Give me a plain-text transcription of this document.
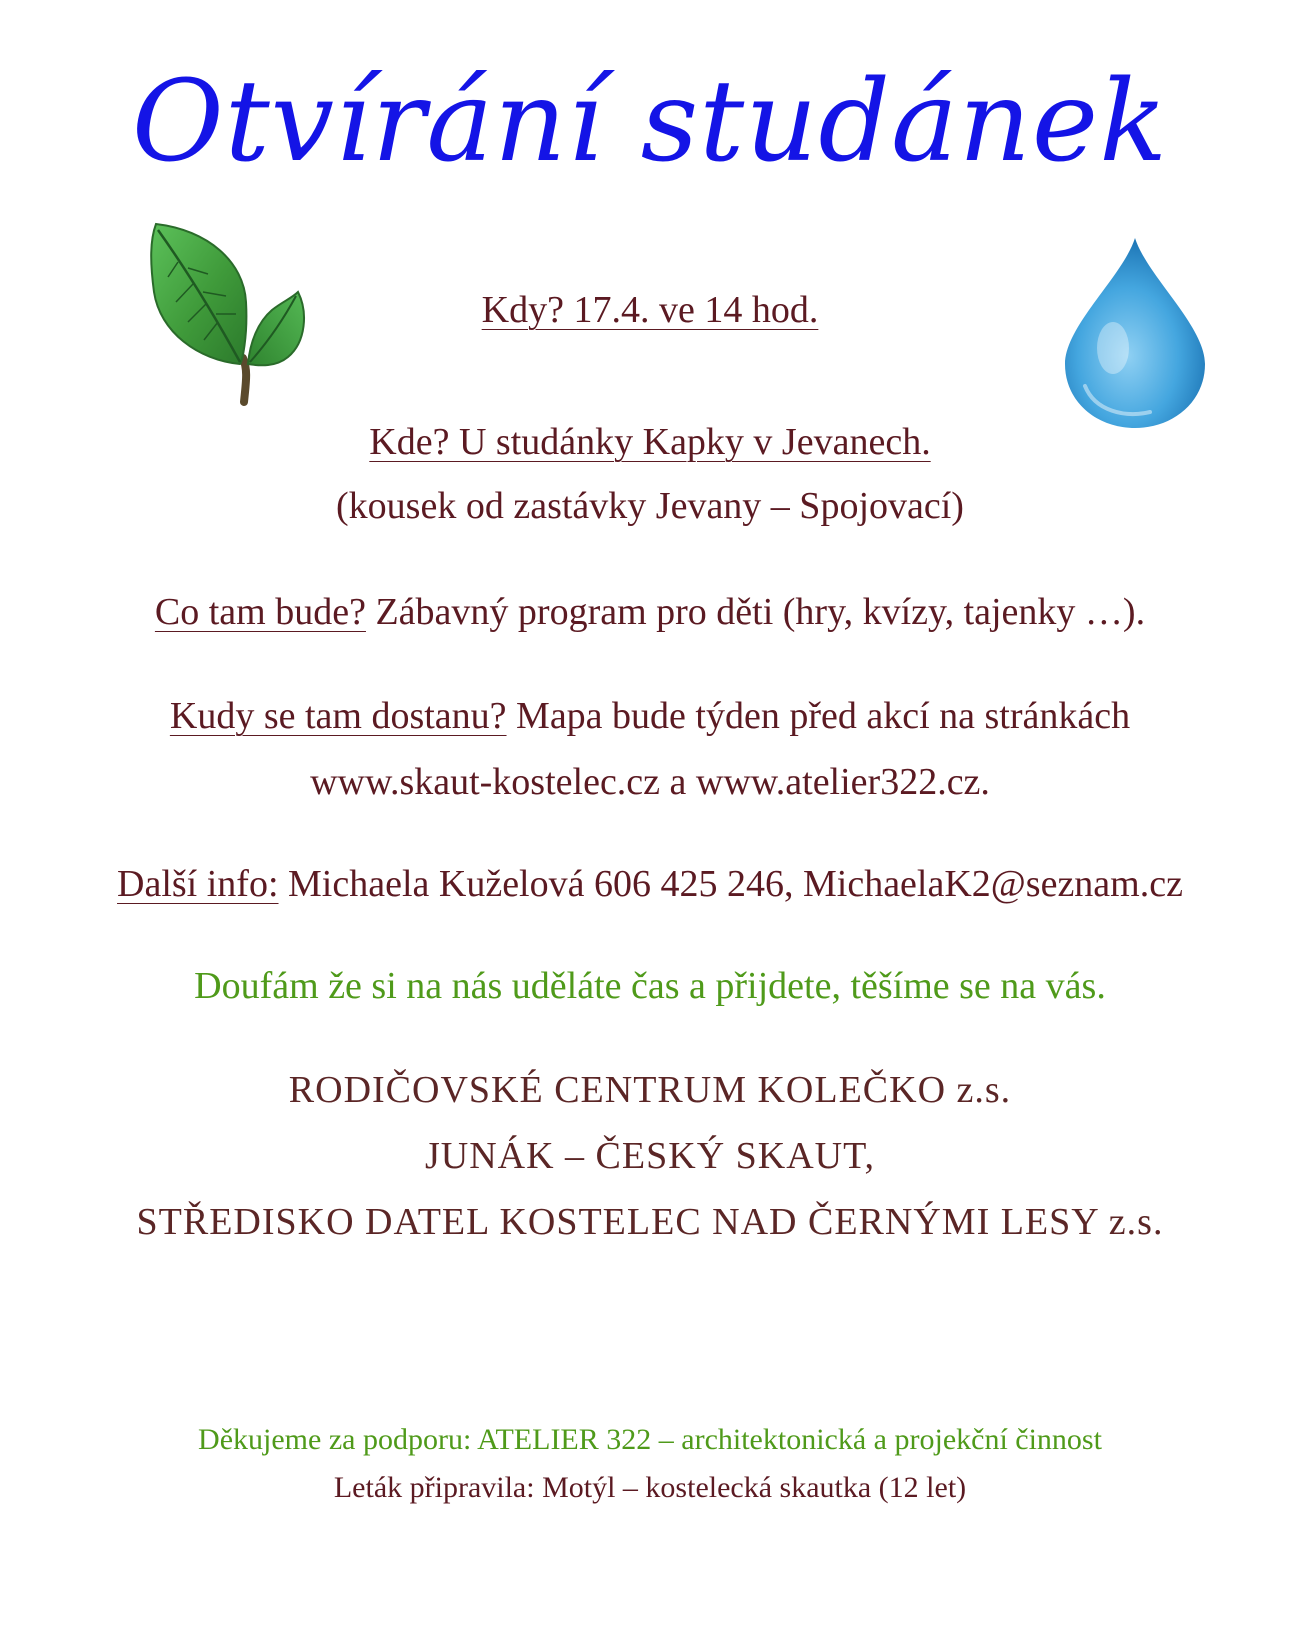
Otvírání studánek
Kdy? 17.4. ve 14 hod.
Kde? U studánky Kapky v Jevanech.
(kousek od zastávky Jevany – Spojovací)
Co tam bude? Zábavný program pro děti (hry, kvízy, tajenky …).
Kudy se tam dostanu? Mapa bude týden před akcí na stránkách
www.skaut-kostelec.cz a www.atelier322.cz.
Další info: Michaela Kuželová 606 425 246, MichaelaK2@seznam.cz
Doufám že si na nás uděláte čas a přijdete, těšíme se na vás.
RODIČOVSKÉ CENTRUM KOLEČKO z.s.
JUNÁK – ČESKÝ SKAUT,
STŘEDISKO DATEL KOSTELEC NAD ČERNÝMI LESY z.s.
Děkujeme za podporu: ATELIER 322 – architektonická a projekční činnost
Leták připravila: Motýl – kostelecká skautka (12 let)
